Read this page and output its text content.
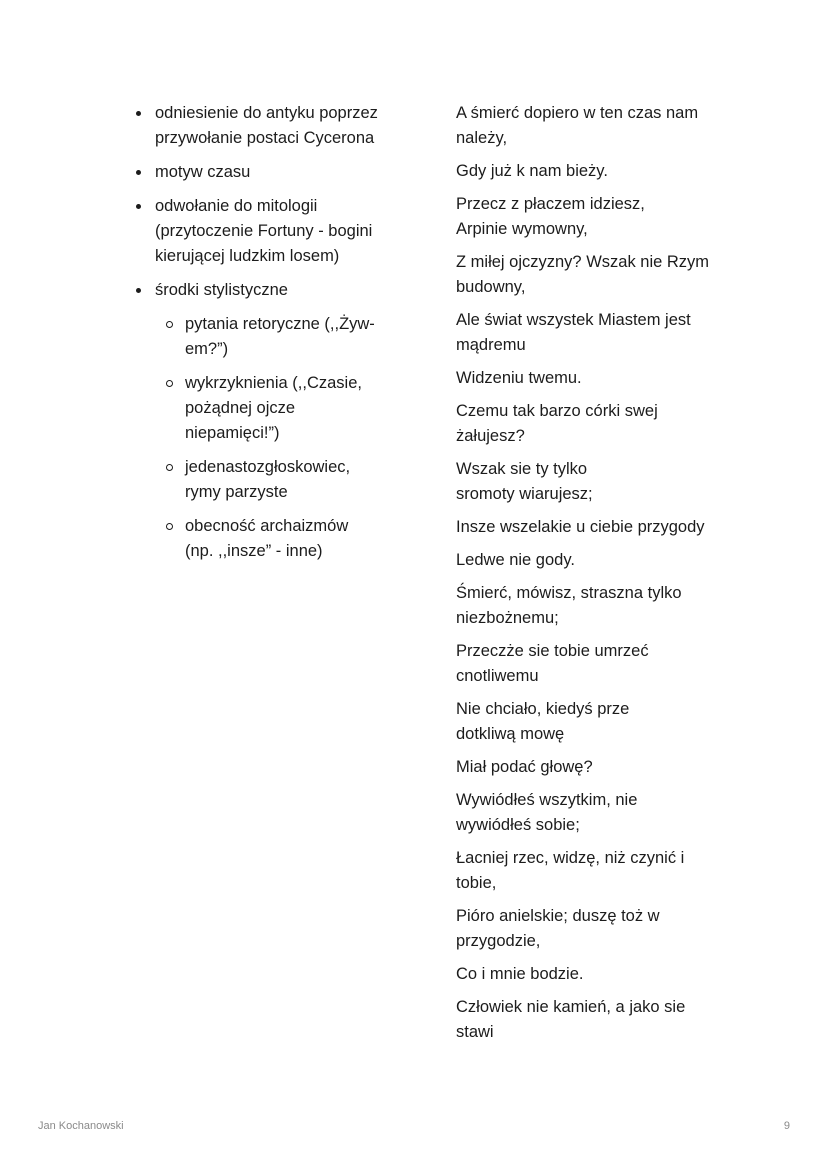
odniesienie do antyku poprzez
przywołanie postaci Cycerona
motyw czasu
odwołanie do mitologii
(przytoczenie Fortuny - bogini
kierującej ludzkim losem)
środki stylistyczne
pytania retoryczne (,,Żyw-
em?”)
wykrzyknienia (,,Czasie,
pożądnej ojcze
niepamięci!”)
jedenastozgłoskowiec,
rymy parzyste
obecność archaizmów
(np. ,,insze” - inne)

A śmierć dopiero w ten czas nam
należy,

Gdy już k nam bieży.

Przecz z płaczem idziesz,
Arpinie wymowny,

Z miłej ojczyzny? Wszak nie Rzym
budowny,

Ale świat wszystek Miastem jest
mądremu

Widzeniu twemu.

Czemu tak barzo córki swej
żałujesz?

Wszak sie ty tylko
sromoty wiarujesz;

Insze wszelakie u ciebie przygody

Ledwe nie gody.

Śmierć, mówisz, straszna tylko
niezbożnemu;

Przeczże sie tobie umrzeć
cnotliwemu

Nie chciało, kiedyś prze
dotkliwą mowę

Miał podać głowę?

Wywiódłeś wszytkim, nie
wywiódłeś sobie;

Łacniej rzec, widzę, niż czynić i
tobie,

Pióro anielskie; duszę toż w
przygodzie,

Co i mnie bodzie.

Człowiek nie kamień, a jako sie
stawi

Jan Kochanowski	9
